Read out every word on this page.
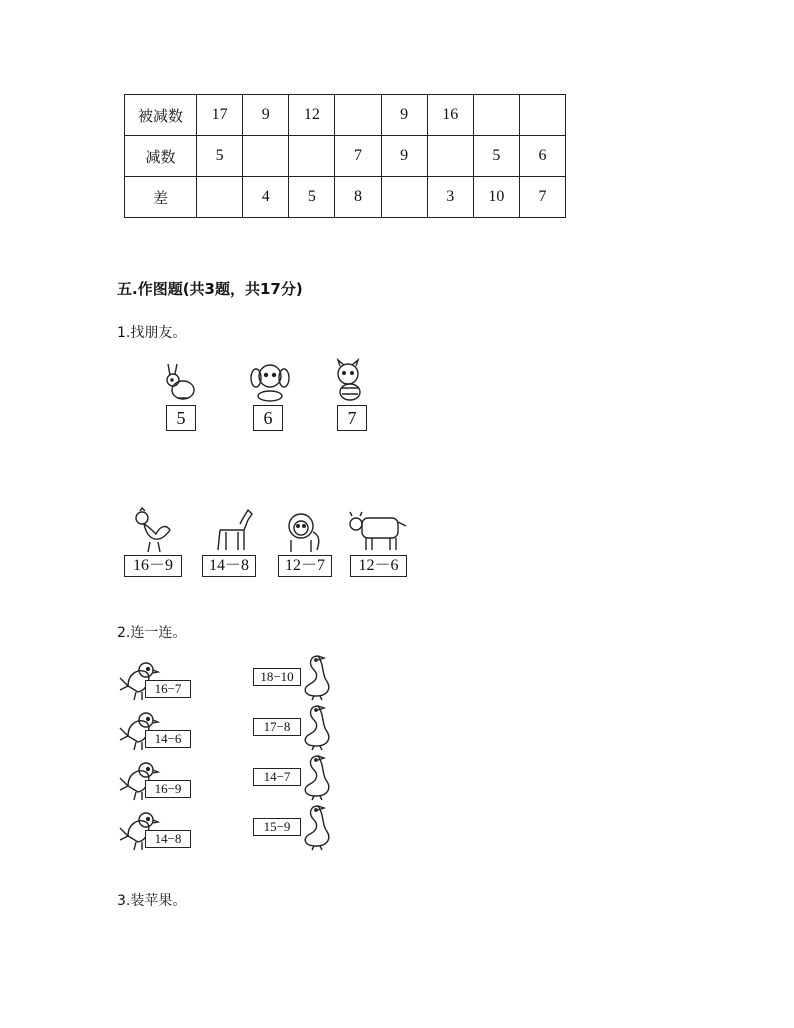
被减数	17	9	12		9	16		
减数	5			7	9		5	6
差		4	5	8		3	10	7
五.作图题(共3题，共17分)
1.找朋友。
5	6	7
16－9	14－8	12－7	12－6
2.连一连。
16−7
18−10
14−6
17−8
16−9
14−7
14−8
15−9
3.装苹果。
